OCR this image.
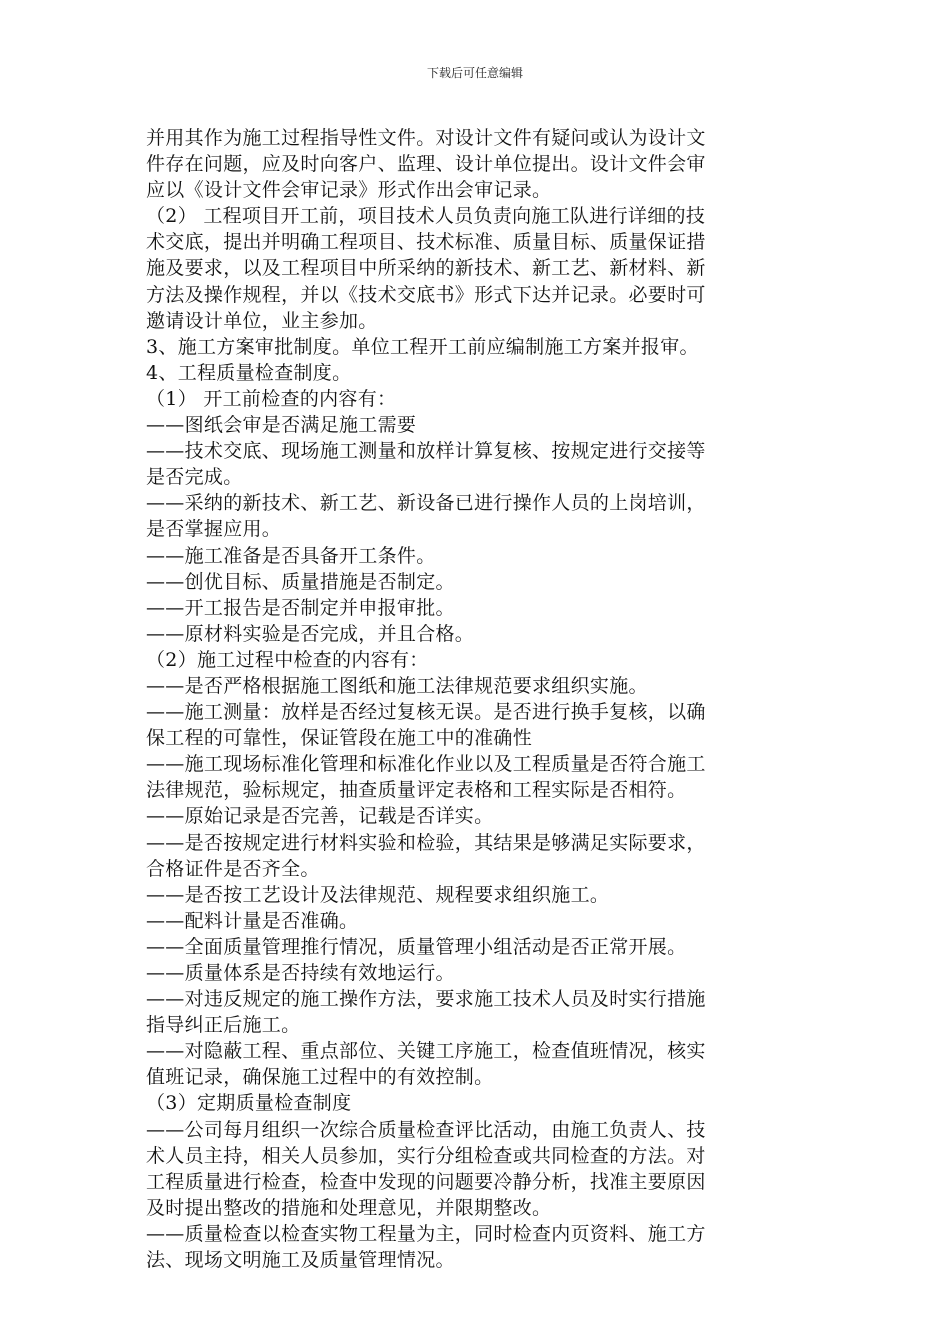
下载后可任意编辑
并用其作为施工过程指导性文件。对设计文件有疑问或认为设计文
件存在问题，应及时向客户、监理、设计单位提出。设计文件会审
应以《设计文件会审记录》形式作出会审记录。
（2） 工程项目开工前，项目技术人员负责向施工队进行详细的技
术交底，提出并明确工程项目、技术标准、质量目标、质量保证措
施及要求，以及工程项目中所采纳的新技术、新工艺、新材料、新
方法及操作规程，并以《技术交底书》形式下达并记录。必要时可
邀请设计单位，业主参加。
3、施工方案审批制度。单位工程开工前应编制施工方案并报审。
4、工程质量检查制度。
（1） 开工前检查的内容有：
——图纸会审是否满足施工需要
——技术交底、现场施工测量和放样计算复核、按规定进行交接等
是否完成。
——采纳的新技术、新工艺、新设备已进行操作人员的上岗培训，
是否掌握应用。
——施工准备是否具备开工条件。
——创优目标、质量措施是否制定。
——开工报告是否制定并申报审批。
——原材料实验是否完成，并且合格。
（2）施工过程中检查的内容有：
——是否严格根据施工图纸和施工法律规范要求组织实施。
——施工测量：放样是否经过复核无误。是否进行换手复核，以确
保工程的可靠性，保证管段在施工中的准确性
——施工现场标准化管理和标准化作业以及工程质量是否符合施工
法律规范，验标规定，抽查质量评定表格和工程实际是否相符。
——原始记录是否完善，记载是否详实。
——是否按规定进行材料实验和检验，其结果是够满足实际要求，
合格证件是否齐全。
——是否按工艺设计及法律规范、规程要求组织施工。
——配料计量是否准确。
——全面质量管理推行情况，质量管理小组活动是否正常开展。
——质量体系是否持续有效地运行。
——对违反规定的施工操作方法，要求施工技术人员及时实行措施
指导纠正后施工。
——对隐蔽工程、重点部位、关键工序施工，检查值班情况，核实
值班记录，确保施工过程中的有效控制。
（3）定期质量检查制度
——公司每月组织一次综合质量检查评比活动，由施工负责人、技
术人员主持，相关人员参加，实行分组检查或共同检查的方法。对
工程质量进行检查，检查中发现的问题要冷静分析，找准主要原因
及时提出整改的措施和处理意见，并限期整改。
——质量检查以检查实物工程量为主，同时检查内页资料、施工方
法、现场文明施工及质量管理情况。
